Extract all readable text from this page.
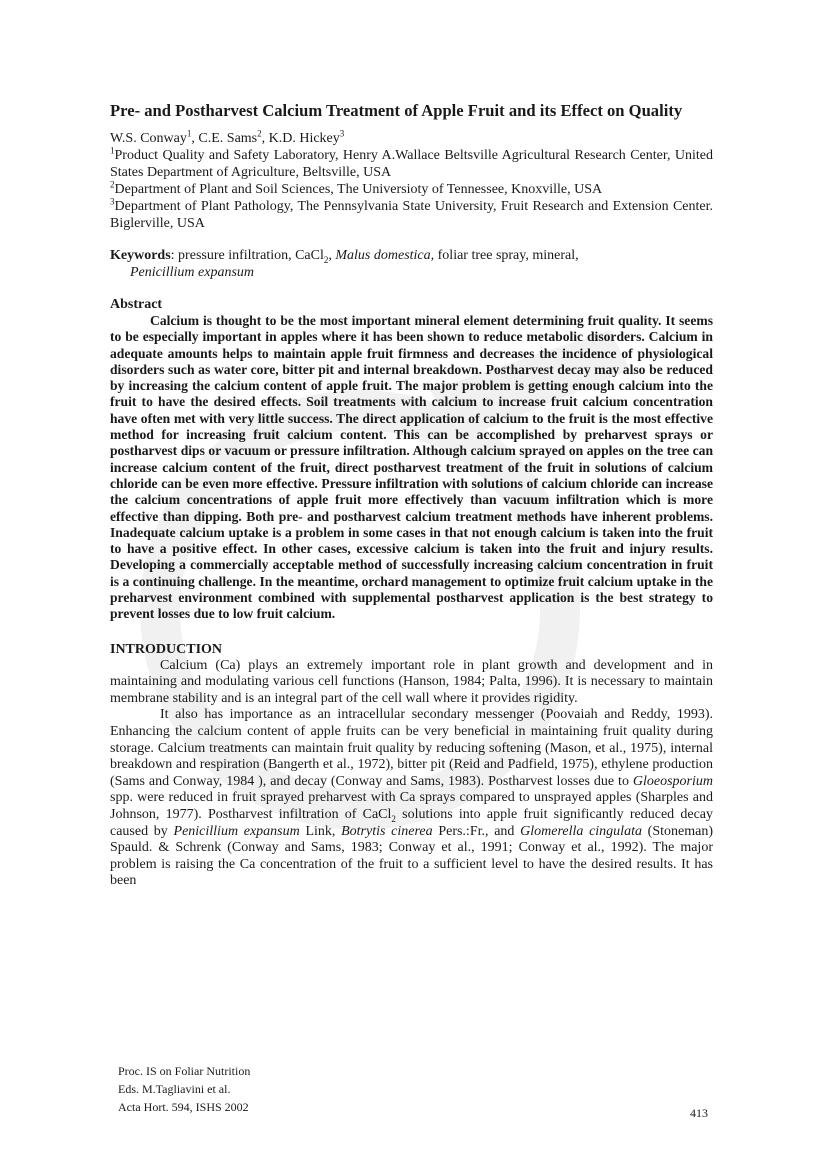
Pre- and Postharvest Calcium Treatment of Apple Fruit and its Effect on Quality
W.S. Conway$^1$, C.E. Sams$^2$, K.D. Hickey$^3$
$^1$Product Quality and Safety Laboratory, Henry A.Wallace Beltsville Agricultural Research Center, United States Department of Agriculture, Beltsville, USA
$^2$Department of Plant and Soil Sciences, The Universioty of Tennessee, Knoxville, USA
$^3$Department of Plant Pathology, The Pennsylvania State University, Fruit Research and Extension Center. Biglerville, USA
Keywords: pressure infiltration, CaCl$_2$, Malus domestica, foliar tree spray, mineral,
Penicillium expansum
Abstract

Calcium is thought to be the most important mineral element determining fruit quality. It seems to be especially important in apples where it has been shown to reduce metabolic disorders. Calcium in adequate amounts helps to maintain apple fruit firmness and decreases the incidence of physiological disorders such as water core, bitter pit and internal breakdown. Postharvest decay may also be reduced by increasing the calcium content of apple fruit. The major problem is getting enough calcium into the fruit to have the desired effects. Soil treatments with calcium to increase fruit calcium concentration have often met with very little success. The direct application of calcium to the fruit is the most effective method for increasing fruit calcium content. This can be accomplished by preharvest sprays or postharvest dips or vacuum or pressure infiltration. Although calcium sprayed on apples on the tree can increase calcium content of the fruit, direct postharvest treatment of the fruit in solutions of calcium chloride can be even more effective. Pressure infiltration with solutions of calcium chloride can increase the calcium concentrations of apple fruit more effectively than vacuum infiltration which is more effective than dipping. Both pre- and postharvest calcium treatment methods have inherent problems. Inadequate calcium uptake is a problem in some cases in that not enough calcium is taken into the fruit to have a positive effect. In other cases, excessive calcium is taken into the fruit and injury results. Developing a commercially acceptable method of successfully increasing calcium concentration in fruit is a continuing challenge. In the meantime, orchard management to optimize fruit calcium uptake in the preharvest environment combined with supplemental postharvest application is the best strategy to prevent losses due to low fruit calcium.

INTRODUCTION

Calcium (Ca) plays an extremely important role in plant growth and development and in maintaining and modulating various cell functions (Hanson, 1984; Palta, 1996). It is necessary to maintain membrane stability and is an integral part of the cell wall where it provides rigidity.

It also has importance as an intracellular secondary messenger (Poovaiah and Reddy, 1993). Enhancing the calcium content of apple fruits can be very beneficial in maintaining fruit quality during storage. Calcium treatments can maintain fruit quality by reducing softening (Mason, et al., 1975), internal breakdown and respiration (Bangerth et al., 1972), bitter pit (Reid and Padfield, 1975), ethylene production (Sams and Conway, 1984 ), and decay (Conway and Sams, 1983). Postharvest losses due to Gloeosporium spp. were reduced in fruit sprayed preharvest with Ca sprays compared to unsprayed apples (Sharples and Johnson, 1977). Postharvest infiltration of CaCl$_2$ solutions into apple fruit significantly reduced decay caused by Penicillium expansum Link, Botrytis cinerea Pers.:Fr., and Glomerella cingulata (Stoneman) Spauld. & Schrenk (Conway and Sams, 1983; Conway et al., 1991; Conway et al., 1992). The major problem is raising the Ca concentration of the fruit to a sufficient level to have the desired results. It has been

Proc. IS on Foliar Nutrition
Eds. M.Tagliavini et al.
Acta Hort. 594, ISHS 2002	413
